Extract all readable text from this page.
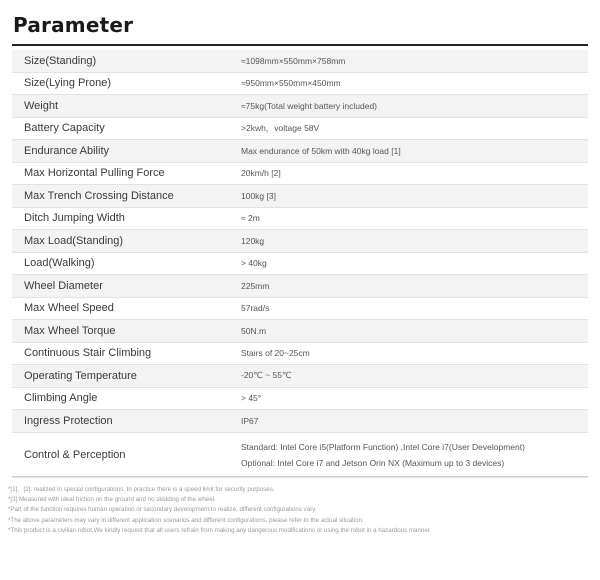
Parameter
Size(Standing)	≈1098mm×550mm×758mm
Size(Lying Prone)	≈950mm×550mm×450mm
Weight	≈75kg(Total weight battery included)
Battery Capacity	>2kwh，voltage 58V
Endurance Ability	Max endurance of 50km with 40kg load [1]
Max Horizontal Pulling Force	20km/h [2]
Max Trench Crossing Distance	100kg [3]
Ditch Jumping Width	≈ 2m
Max Load(Standing)	120kg
Load(Walking)	> 40kg
Wheel Diameter	225mm
Max Wheel Speed	57rad/s
Max Wheel Torque	50N.m
Continuous Stair Climbing	Stairs of 20~25cm
Operating Temperature	-20℃ ~ 55℃
Climbing Angle	> 45°
Ingress Protection	IP67
Control & Perception	Standard: Intel Core i5(Platform Function) ,Intel Core i7(User Development)
Optional: Intel Core i7 and Jetson Orin NX (Maximum up to 3 devices)
*[1]、[2]: realized in special configurations. In practice there is a speed limit for security purposes.
*[3] Measured with ideal friction on the ground and no skidding of the wheel.
*Part of the function requires human operation or secondary development to realize, different configurations vary.
*The above parameters may vary in different application scenarios and different configurations, please refer to the actual situation.
*This product is a civilian robot.We kindly request that all users refrain from making any dangerous modifications or using the robot in a hazardous manner.
